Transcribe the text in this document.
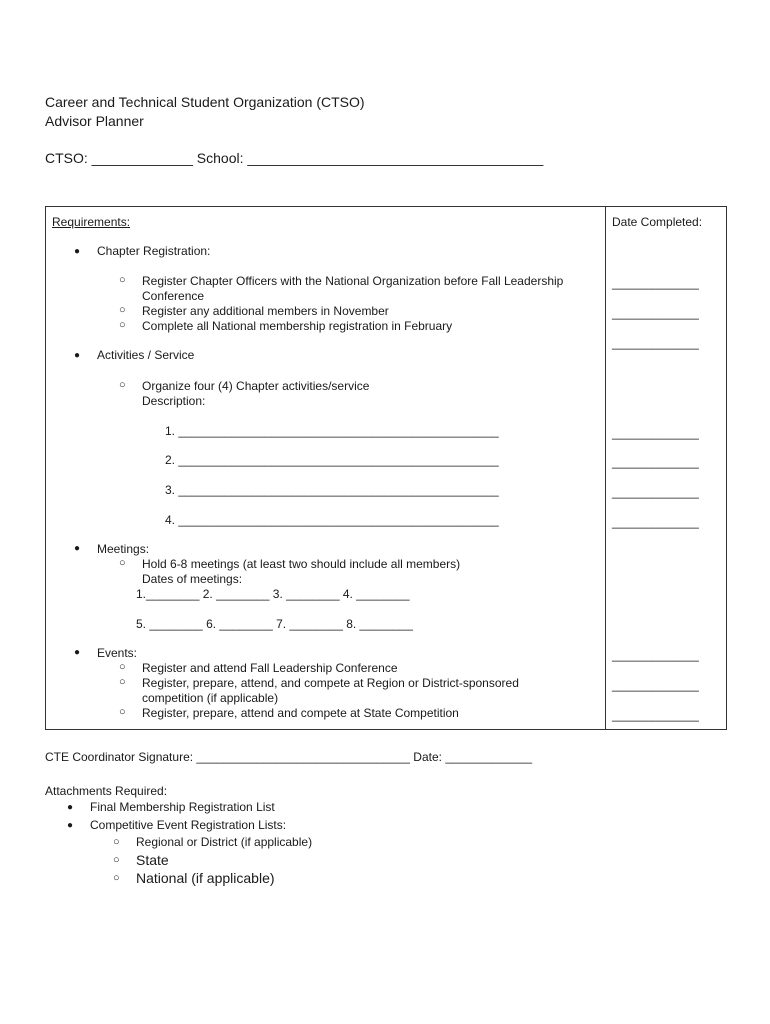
Career and Technical Student Organization (CTSO)
Advisor Planner
CTSO: _____________ School: ______________________________________
Requirements:	Date Completed:
● Chapter Registration:
○ Register Chapter Officers with the National Organization before Fall Leadership
Conference
○ Register any additional members in November
○ Complete all National membership registration in February
_____________
_____________
_____________
● Activities / Service
○ Organize four (4) Chapter activities/service
Description:
1. ________________________________________________
2. ________________________________________________
3. ________________________________________________
4. ________________________________________________
_____________
_____________
_____________
_____________
● Meetings:
○ Hold 6-8 meetings (at least two should include all members)
Dates of meetings:
1.________ 2. ________ 3. ________ 4. ________
5. ________ 6. ________ 7. ________ 8. ________
● Events:
○ Register and attend Fall Leadership Conference
○ Register, prepare, attend, and compete at Region or District-sponsored
competition (if applicable)
○ Register, prepare, attend and compete at State Competition
_____________
_____________
_____________
CTE Coordinator Signature: ________________________________ Date: _____________
Attachments Required:
● Final Membership Registration List
● Competitive Event Registration Lists:
○ Regional or District (if applicable)
○ State
○ National (if applicable)
